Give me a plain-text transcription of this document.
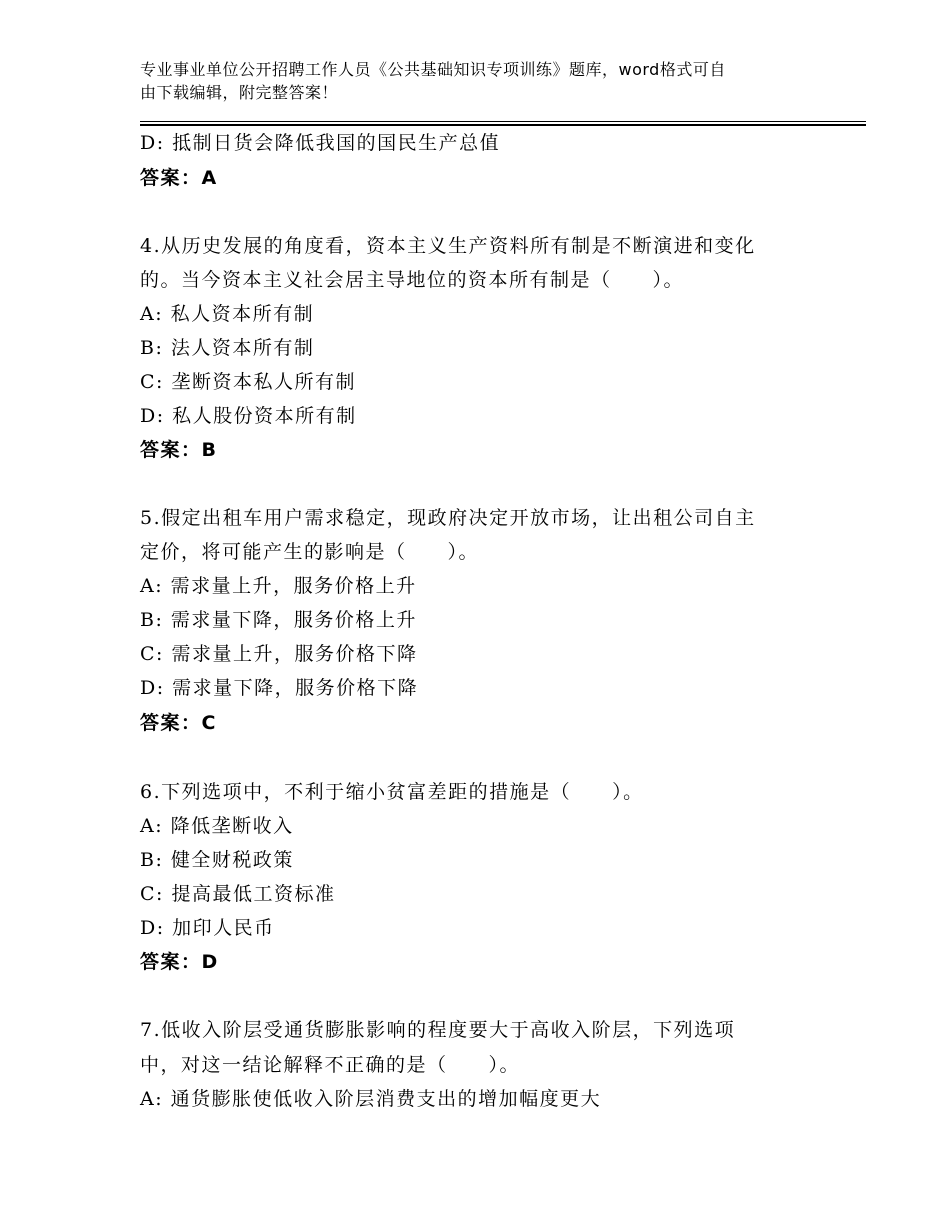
专业事业单位公开招聘工作人员《公共基础知识专项训练》题库，word格式可自
由下载编辑，附完整答案！
D: 抵制日货会降低我国的国民生产总值
答案：A
4.从历史发展的角度看，资本主义生产资料所有制是不断演进和变化
的。当今资本主义社会居主导地位的资本所有制是（　　）。
A: 私人资本所有制
B: 法人资本所有制
C: 垄断资本私人所有制
D: 私人股份资本所有制
答案：B
5.假定出租车用户需求稳定，现政府决定开放市场，让出租公司自主
定价，将可能产生的影响是（　　）。
A: 需求量上升，服务价格上升
B: 需求量下降，服务价格上升
C: 需求量上升，服务价格下降
D: 需求量下降，服务价格下降
答案：C
6.下列选项中，不利于缩小贫富差距的措施是（　　）。
A: 降低垄断收入
B: 健全财税政策
C: 提高最低工资标准
D: 加印人民币
答案：D
7.低收入阶层受通货膨胀影响的程度要大于高收入阶层，下列选项
中，对这一结论解释不正确的是（　　）。
A: 通货膨胀使低收入阶层消费支出的增加幅度更大
